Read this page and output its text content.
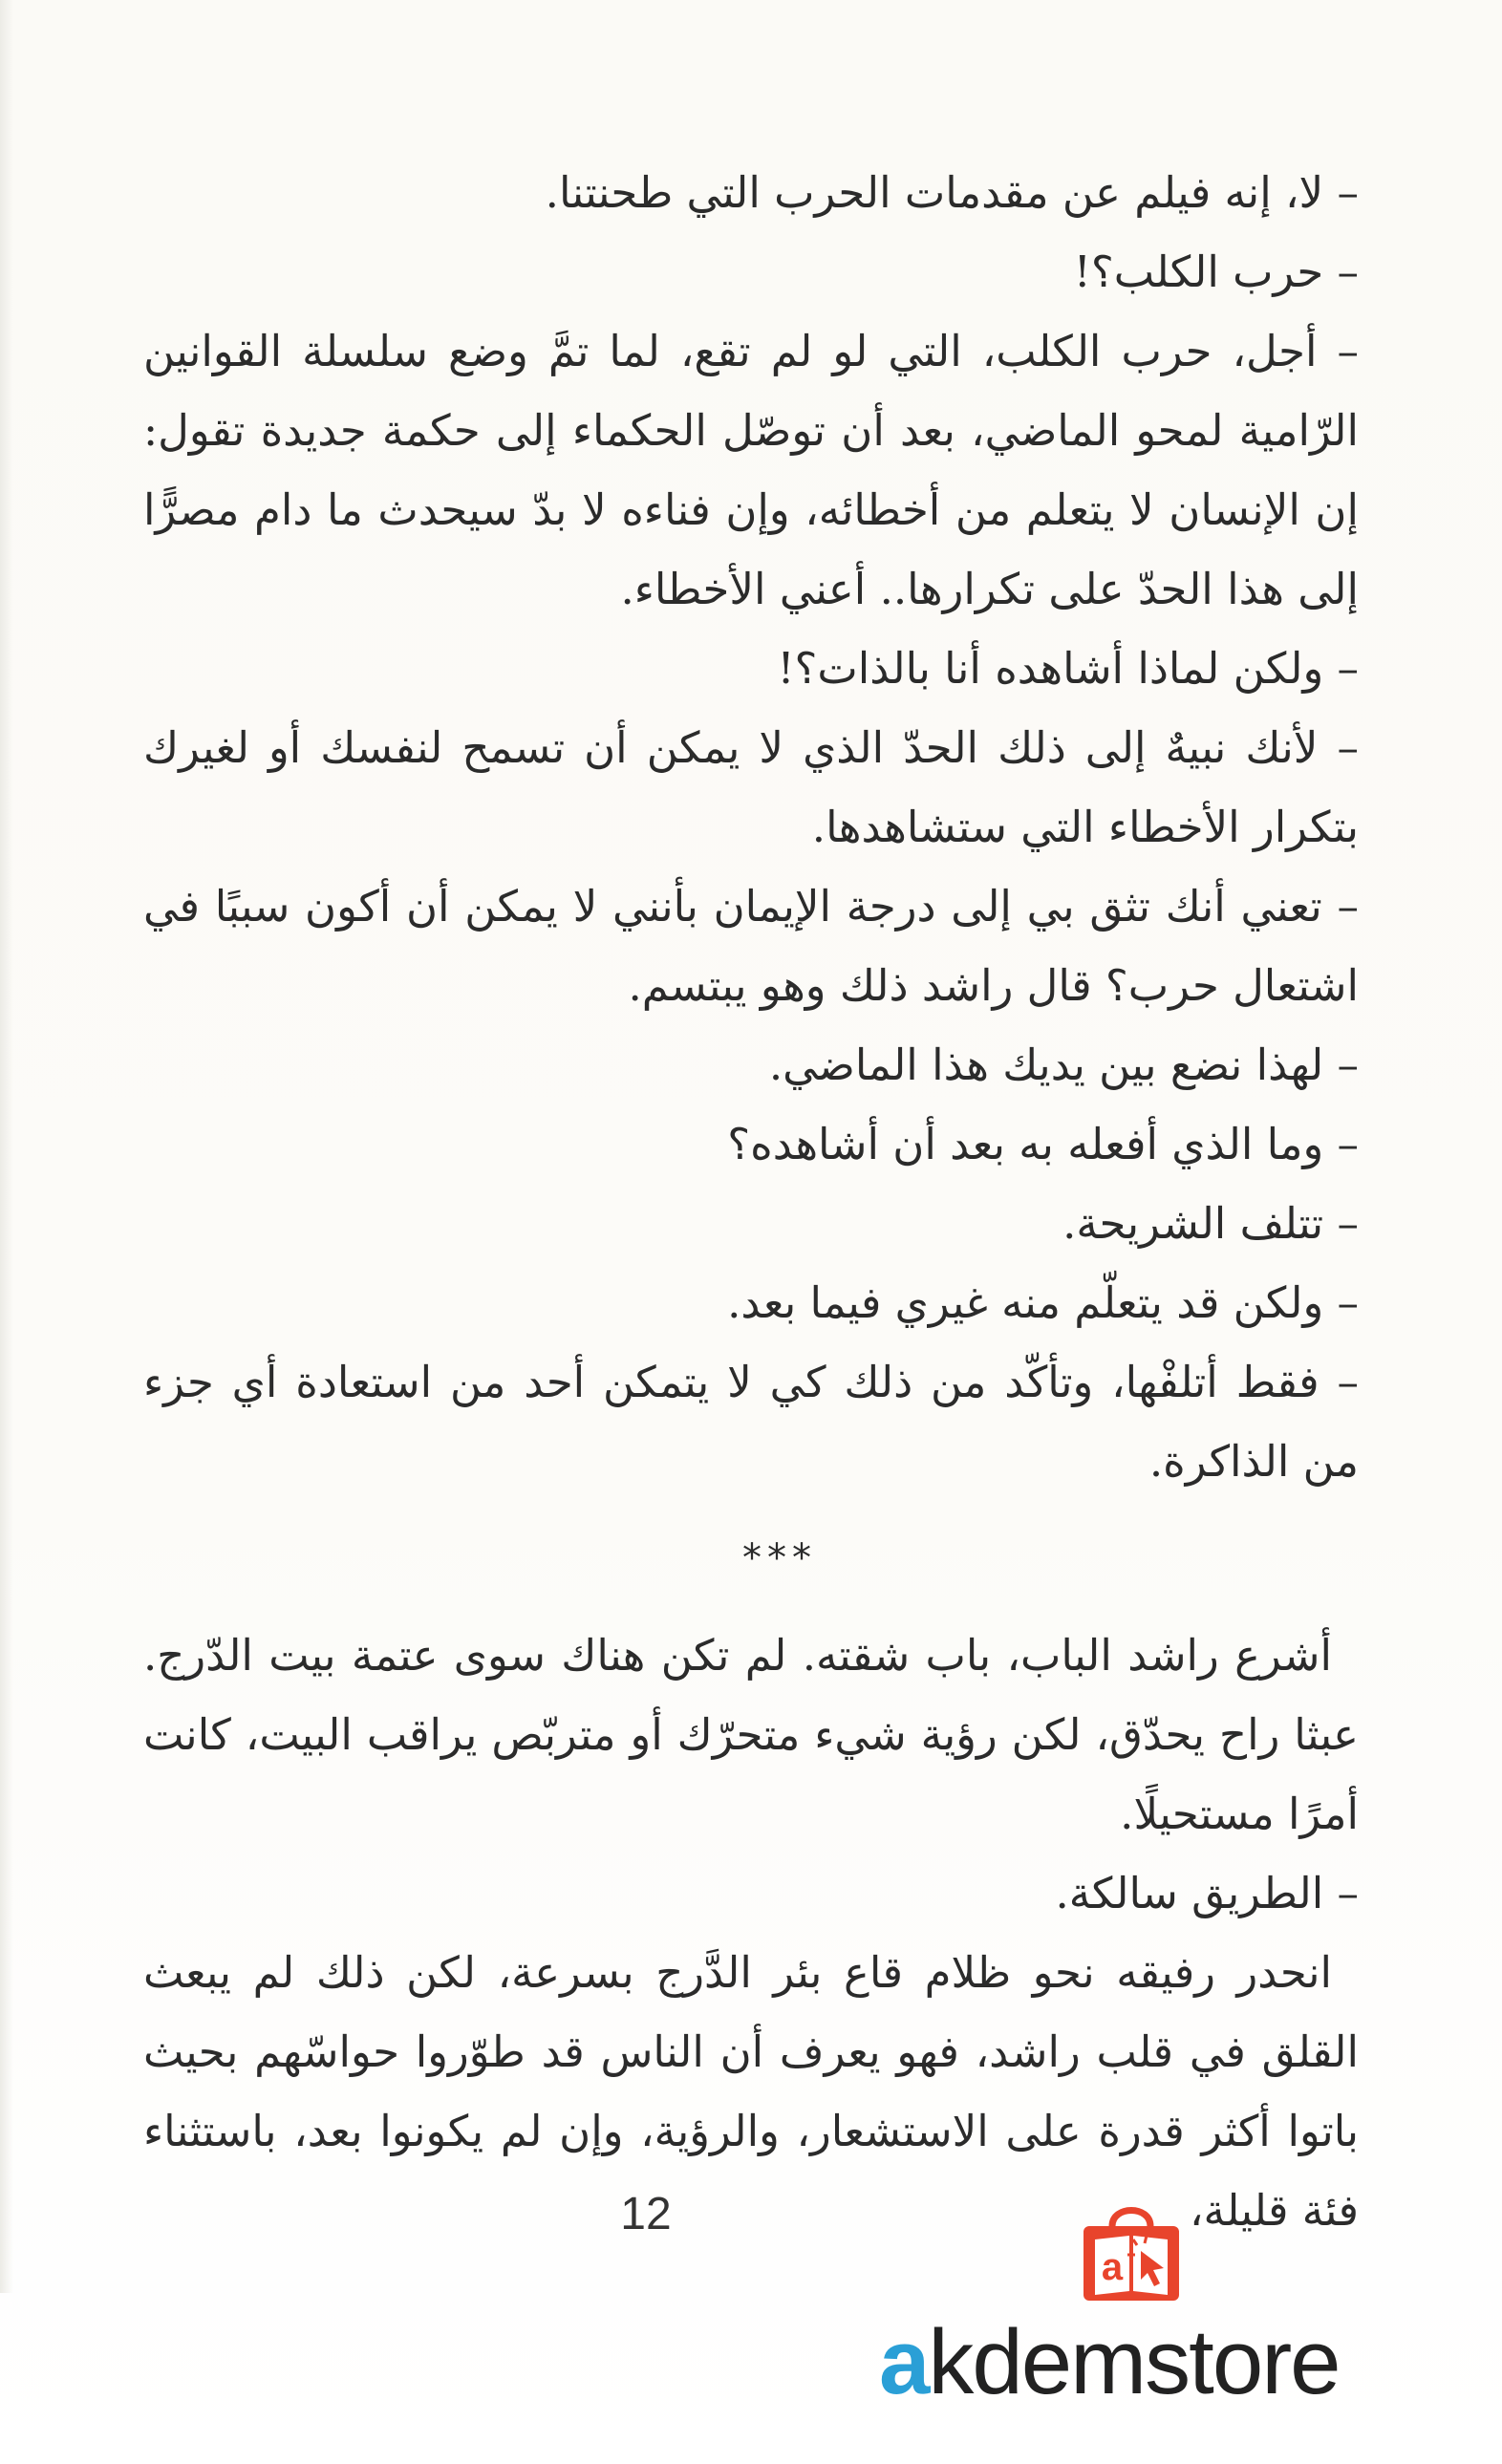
– لا، إنه فيلم عن مقدمات الحرب التي طحنتنا.

– حرب الكلب؟!

– أجل، حرب الكلب، التي لو لم تقع، لما تمَّ وضع سلسلة القوانين الرّامية لمحو الماضي، بعد أن توصّل الحكماء إلى حكمة جديدة تقول: إن الإنسان لا يتعلم من أخطائه، وإن فناءه لا بدّ سيحدث ما دام مصرًّا إلى هذا الحدّ على تكرارها.. أعني الأخطاء.

– ولكن لماذا أشاهده أنا بالذات؟!

– لأنك نبيهٌ إلى ذلك الحدّ الذي لا يمكن أن تسمح لنفسك أو لغيرك بتكرار الأخطاء التي ستشاهدها.

– تعني أنك تثق بي إلى درجة الإيمان بأنني لا يمكن أن أكون سببًا في اشتعال حرب؟ قال راشد ذلك وهو يبتسم.

– لهذا نضع بين يديك هذا الماضي.

– وما الذي أفعله به بعد أن أشاهده؟

– تتلف الشريحة.

– ولكن قد يتعلّم منه غيري فيما بعد.

– فقط أتلفْها، وتأكّد من ذلك كي لا يتمكن أحد من استعادة أي جزء من الذاكرة.

***

أشرع راشد الباب، باب شقته. لم تكن هناك سوى عتمة بيت الدّرج. عبثا راح يحدّق، لكن رؤية شيء متحرّك أو متربّص يراقب البيت، كانت أمرًا مستحيلًا.

– الطريق سالكة.

انحدر رفيقه نحو ظلام قاع بئر الدَّرج بسرعة، لكن ذلك لم يبعث القلق في قلب راشد، فهو يعرف أن الناس قد طوّروا حواسّهم بحيث باتوا أكثر قدرة على الاستشعار، والرؤية، وإن لم يكونوا بعد، باستثناء فئة قليلة،

12
a
akdemstore
